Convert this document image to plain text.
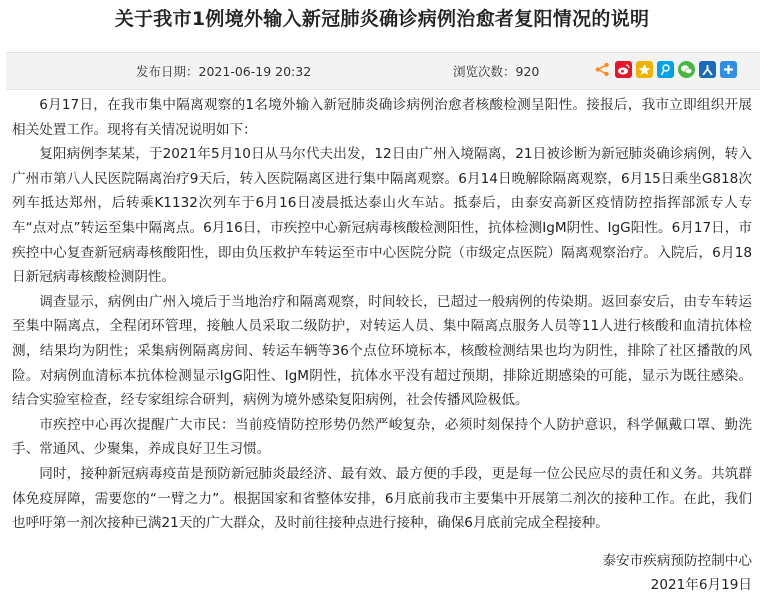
关于我市1例境外输入新冠肺炎确诊病例治愈者复阳情况的说明
发布日期：2021-06-19 20:32	浏览次数：920

6月17日，在我市集中隔离观察的1名境外输入新冠肺炎确诊病例治愈者核酸检测呈阳性。接报后，我市立即组织开展相关处置工作。现将有关情况说明如下：

复阳病例李某某，于2021年5月10日从马尔代夫出发，12日由广州入境隔离，21日被诊断为新冠肺炎确诊病例，转入广州市第八人民医院隔离治疗9天后，转入医院隔离区进行集中隔离观察。6月14日晚解除隔离观察，6月15日乘坐G818次列车抵达郑州，后转乘K1132次列车于6月16日凌晨抵达泰山火车站。抵泰后，由泰安高新区疫情防控指挥部派专人专车“点对点”转运至集中隔离点。6月16日，市疾控中心新冠病毒核酸检测阳性，抗体检测IgM阴性、IgG阳性。6月17日，市疾控中心复查新冠病毒核酸阳性，即由负压救护车转运至市中心医院分院（市级定点医院）隔离观察治疗。入院后，6月18日新冠病毒核酸检测阴性。

调查显示，病例由广州入境后于当地治疗和隔离观察，时间较长，已超过一般病例的传染期。返回泰安后，由专车转运至集中隔离点，全程闭环管理，接触人员采取二级防护，对转运人员、集中隔离点服务人员等11人进行核酸和血清抗体检测，结果均为阴性；采集病例隔离房间、转运车辆等36个点位环境标本，核酸检测结果也均为阴性，排除了社区播散的风险。对病例血清标本抗体检测显示IgG阳性、IgM阴性，抗体水平没有超过预期，排除近期感染的可能，显示为既往感染。结合实验室检查，经专家组综合研判，病例为境外感染复阳病例，社会传播风险极低。

市疾控中心再次提醒广大市民：当前疫情防控形势仍然严峻复杂，必须时刻保持个人防护意识，科学佩戴口罩、勤洗手、常通风、少聚集，养成良好卫生习惯。

同时，接种新冠病毒疫苗是预防新冠肺炎最经济、最有效、最方便的手段，更是每一位公民应尽的责任和义务。共筑群体免疫屏障，需要您的“一臂之力”。根据国家和省整体安排，6月底前我市主要集中开展第二剂次的接种工作。在此，我们也呼吁第一剂次接种已满21天的广大群众，及时前往接种点进行接种，确保6月底前完成全程接种。

泰安市疾病预防控制中心
2021年6月19日
